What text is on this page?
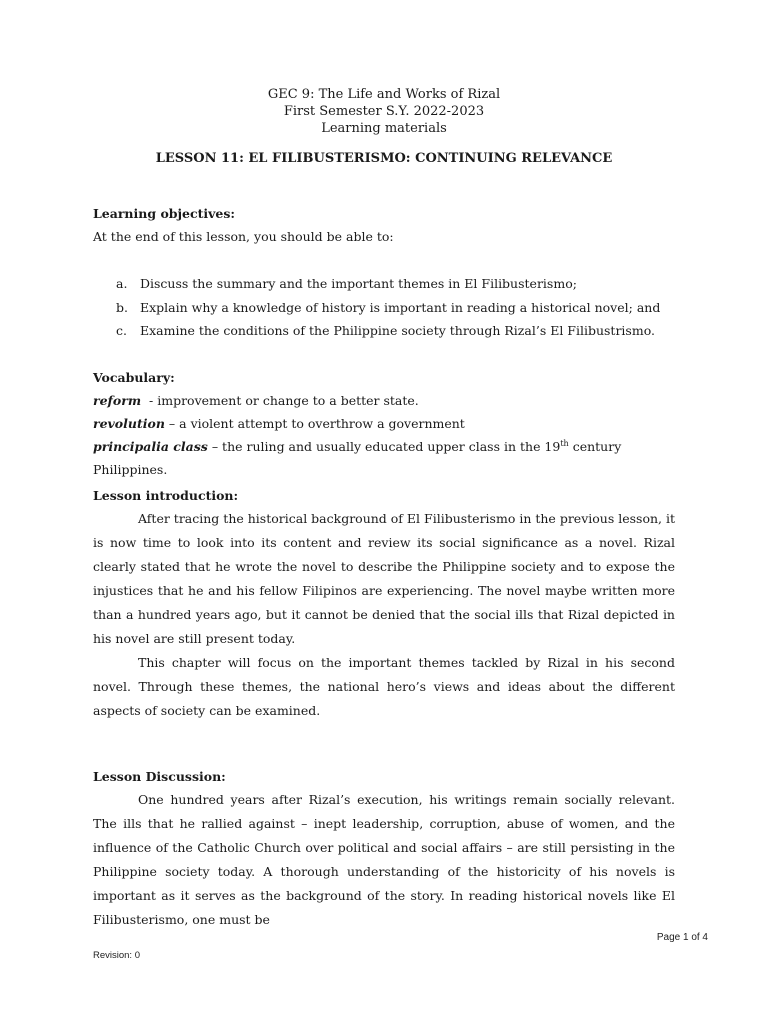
GEC 9: The Life and Works of Rizal
First Semester S.Y. 2022-2023
Learning materials
LESSON 11: EL FILIBUSTERISMO: CONTINUING RELEVANCE
Learning objectives:
At the end of this lesson, you should be able to:
a.	Discuss the summary and the important themes in El Filibusterismo;
b. Explain why a knowledge of history is important in reading a historical novel; and
c.	Examine the conditions of the Philippine society through Rizal’s El Filibustrismo.
Vocabulary:
reform  - improvement or change to a better state.
revolution – a violent attempt to overthrow a government
principalia class – the ruling and usually educated upper class in the 19th century Philippines.
Lesson introduction:
After tracing the historical background of El Filibusterismo in the previous lesson, it is now time to look into its content and review its social significance as a novel. Rizal clearly stated that he wrote the novel to describe the Philippine society and to expose the injustices that he and his fellow Filipinos are experiencing. The novel maybe written more than a hundred years ago, but it cannot be denied that the social ills that Rizal depicted in his novel are still present today.
This chapter will focus on the important themes tackled by Rizal in his second novel. Through these themes, the national hero’s views and ideas about the different aspects of society can be examined.
Lesson Discussion:
One hundred years after Rizal’s execution, his writings remain socially relevant. The ills that he rallied against – inept leadership, corruption, abuse of women, and the influence of the Catholic Church over political and social affairs – are still persisting in the Philippine society today. A thorough understanding of the historicity of his novels is important as it serves as the background of the story. In reading historical novels like El Filibusterismo, one must be
Page 1 of 4
Revision: 0
